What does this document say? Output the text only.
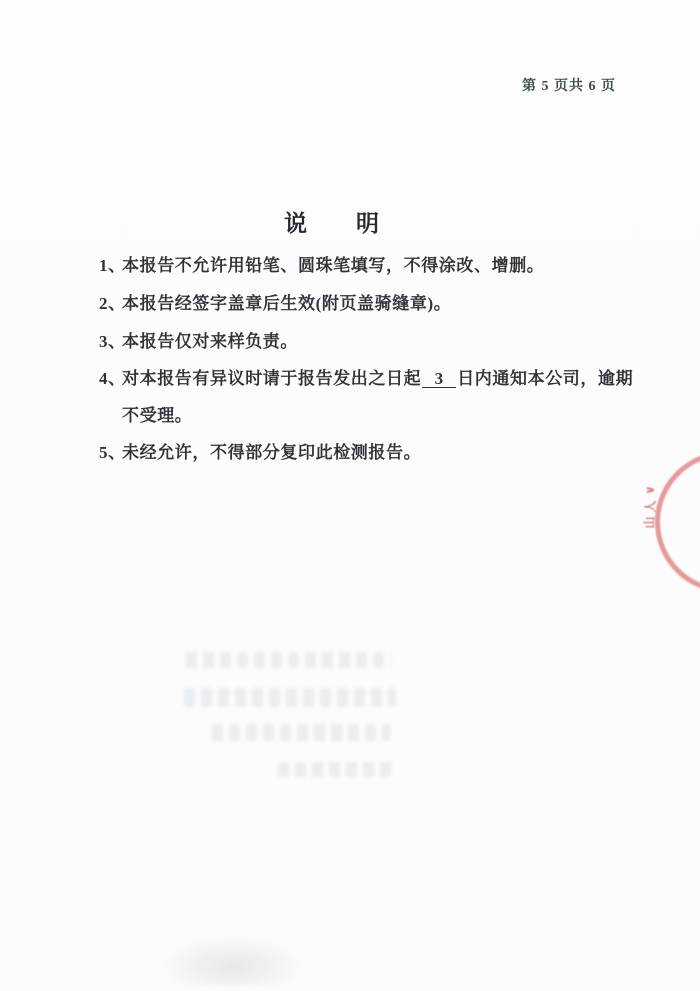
第 5 页共 6 页
说　　明
1、
本报告不允许用铅笔、圆珠笔填写，不得涂改、增删。
2、
本报告经签字盖章后生效(附页盖骑缝章)。
3、
本报告仅对来样负责。
4、
对本报告有异议时请于报告发出之日起 3 日内通知本公司，逾期
不受理。
5、
未经允许，不得部分复印此检测报告。
∨
人
山
